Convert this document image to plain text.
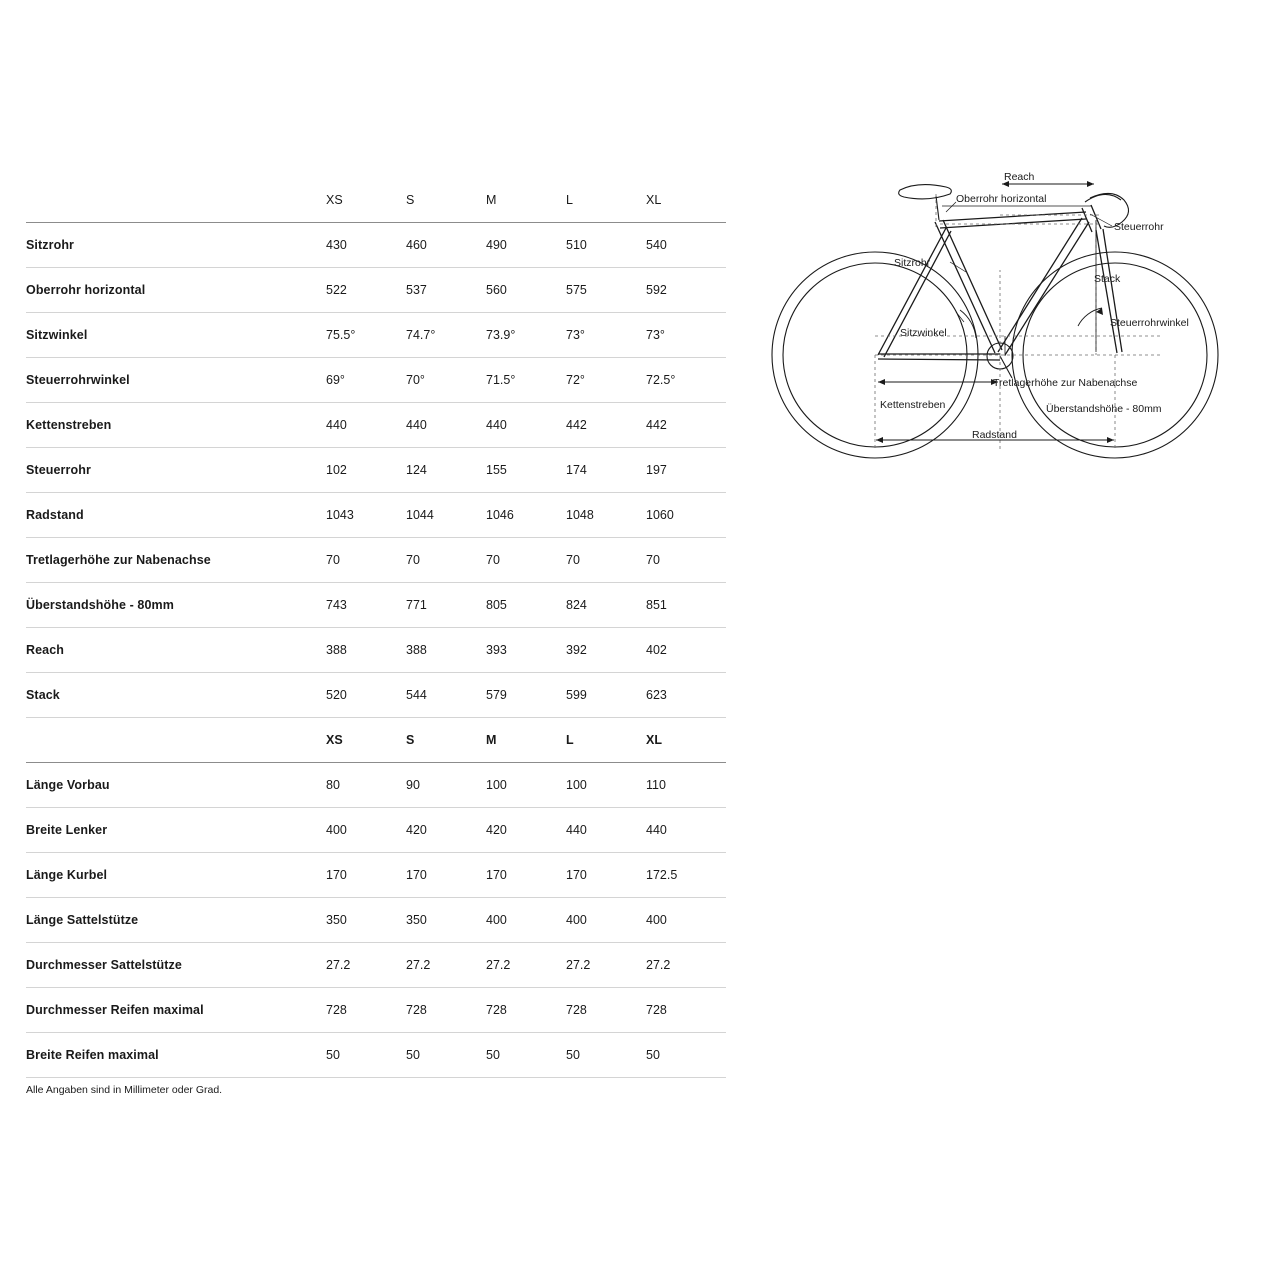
	XS	S	M	L	XL
Sitzrohr	430	460	490	510	540
Oberrohr horizontal	522	537	560	575	592
Sitzwinkel	75.5°	74.7°	73.9°	73°	73°
Steuerrohrwinkel	69°	70°	71.5°	72°	72.5°
Kettenstreben	440	440	440	442	442
Steuerrohr	102	124	155	174	197
Radstand	1043	1044	1046	1048	1060
Tretlagerhöhe zur Nabenachse	70	70	70	70	70
Überstandshöhe - 80mm	743	771	805	824	851
Reach	388	388	393	392	402
Stack	520	544	579	599	623
	XS	S	M	L	XL
Länge Vorbau	80	90	100	100	110
Breite Lenker	400	420	420	440	440
Länge Kurbel	170	170	170	170	172.5
Länge Sattelstütze	350	350	400	400	400
Durchmesser Sattelstütze	27.2	27.2	27.2	27.2	27.2
Durchmesser Reifen maximal	728	728	728	728	728
Breite Reifen maximal	50	50	50	50	50
Alle Angaben sind in Millimeter oder Grad.
Reach
Oberrohr horizontal
Steuerrohr
Sitzrohr
Stack
Sitzwinkel
Steuerrohrwinkel
Tretlagerhöhe zur Nabenachse
Kettenstreben	Überstandshöhe - 80mm
Radstand
